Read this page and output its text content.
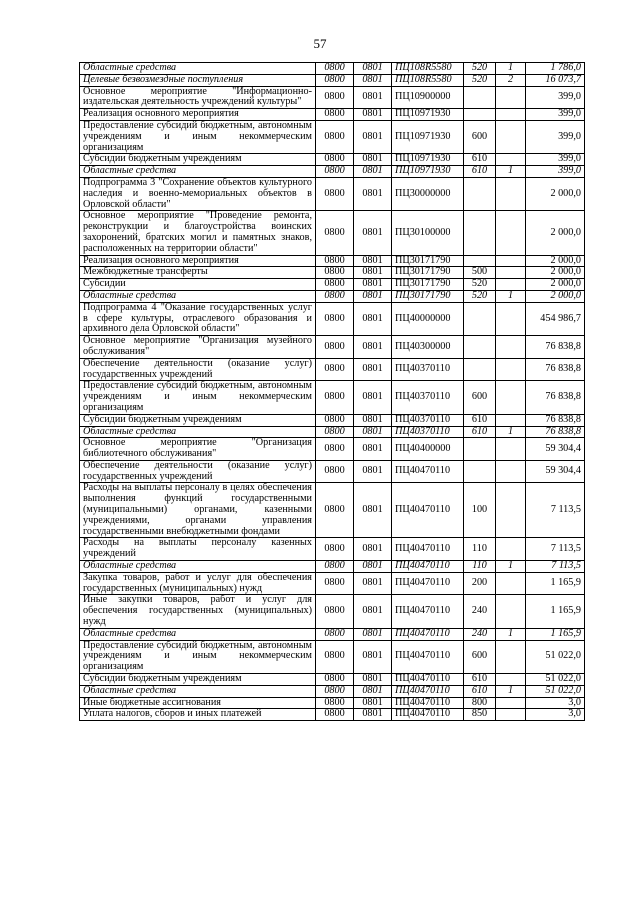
57
Областные средства	0800	0801	ПЦ108R5580	520	1	1 786,0
Целевые безвозмездные поступления	0800	0801	ПЦ108R5580	520	2	16 073,7
Основное мероприятие "Информационно-издательская деятельность учреждений культуры"	0800	0801	ПЦ10900000			399,0
Реализация основного мероприятия	0800	0801	ПЦ10971930			399,0
Предоставление субсидий бюджетным, автономным учреждениям и иным некоммерческим организациям	0800	0801	ПЦ10971930	600		399,0
Субсидии бюджетным учреждениям	0800	0801	ПЦ10971930	610		399,0
Областные средства	0800	0801	ПЦ10971930	610	1	399,0
Подпрограмма 3 "Сохранение объектов культурного наследия и военно-мемориальных объектов в Орловской области"	0800	0801	ПЦ30000000			2 000,0
Основное мероприятие "Проведение ремонта, реконструкции и благоустройства воинских захоронений, братских могил и памятных знаков, расположенных на территории области"	0800	0801	ПЦ30100000			2 000,0
Реализация основного мероприятия	0800	0801	ПЦ30171790			2 000,0
Межбюджетные трансферты	0800	0801	ПЦ30171790	500		2 000,0
Субсидии	0800	0801	ПЦ30171790	520		2 000,0
Областные средства	0800	0801	ПЦ30171790	520	1	2 000,0
Подпрограмма 4 "Оказание государственных услуг в сфере культуры, отраслевого образования и архивного дела Орловской области"	0800	0801	ПЦ40000000			454 986,7
Основное мероприятие "Организация музейного обслуживания"	0800	0801	ПЦ40300000			76 838,8
Обеспечение деятельности (оказание услуг) государственных учреждений	0800	0801	ПЦ40370110			76 838,8
Предоставление субсидий бюджетным, автономным учреждениям и иным некоммерческим организациям	0800	0801	ПЦ40370110	600		76 838,8
Субсидии бюджетным учреждениям	0800	0801	ПЦ40370110	610		76 838,8
Областные средства	0800	0801	ПЦ40370110	610	1	76 838,8
Основное мероприятие "Организация библиотечного обслуживания"	0800	0801	ПЦ40400000			59 304,4
Обеспечение деятельности (оказание услуг) государственных учреждений	0800	0801	ПЦ40470110			59 304,4
Расходы на выплаты персоналу в целях обеспечения выполнения функций государственными (муниципальными) органами, казенными учреждениями, органами управления государственными внебюджетными фондами	0800	0801	ПЦ40470110	100		7 113,5
Расходы на выплаты персоналу казенных учреждений	0800	0801	ПЦ40470110	110		7 113,5
Областные средства	0800	0801	ПЦ40470110	110	1	7 113,5
Закупка товаров, работ и услуг для обеспечения государственных (муниципальных) нужд	0800	0801	ПЦ40470110	200		1 165,9
Иные закупки товаров, работ и услуг для обеспечения государственных (муниципальных) нужд	0800	0801	ПЦ40470110	240		1 165,9
Областные средства	0800	0801	ПЦ40470110	240	1	1 165,9
Предоставление субсидий бюджетным, автономным учреждениям и иным некоммерческим организациям	0800	0801	ПЦ40470110	600		51 022,0
Субсидии бюджетным учреждениям	0800	0801	ПЦ40470110	610		51 022,0
Областные средства	0800	0801	ПЦ40470110	610	1	51 022,0
Иные бюджетные ассигнования	0800	0801	ПЦ40470110	800		3,0
Уплата налогов, сборов и иных платежей	0800	0801	ПЦ40470110	850		3,0
